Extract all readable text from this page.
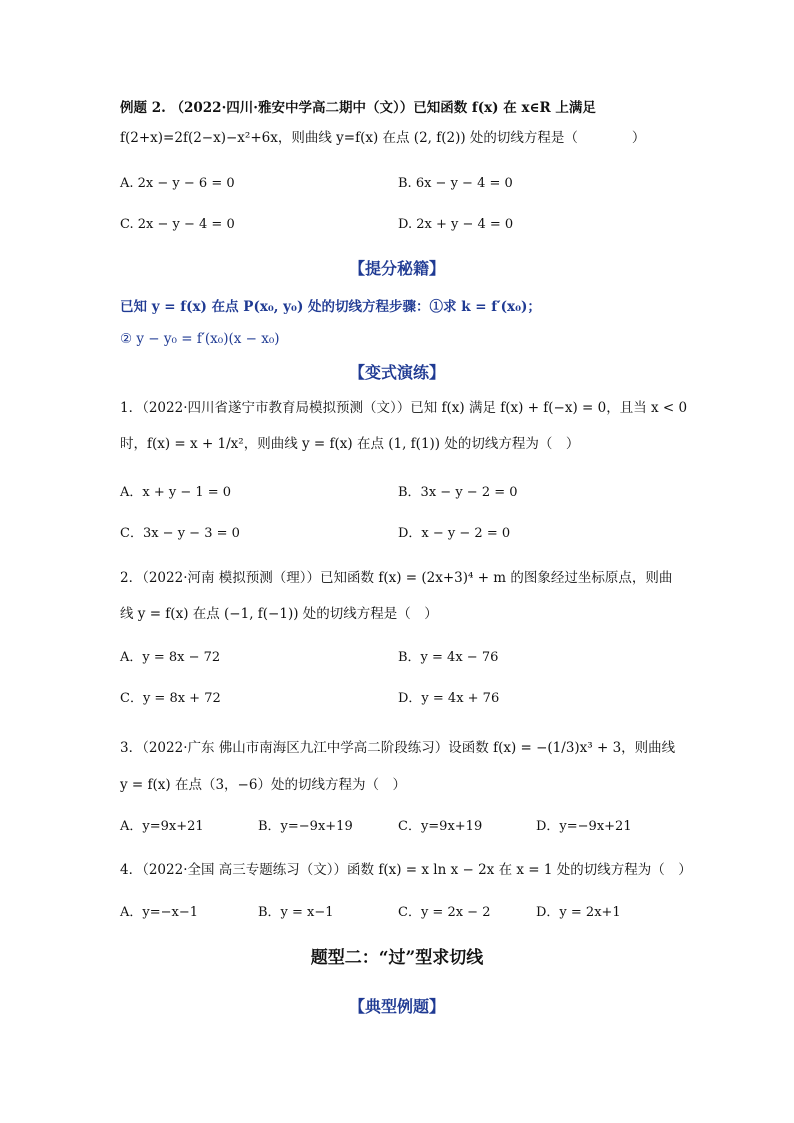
例题 2. （2022·四川·雅安中学高二期中（文））已知函数 f(x) 在 x∈R 上满足
f(2+x)=2f(2−x)−x²+6x，则曲线 y=f(x) 在点 (2, f(2)) 处的切线方程是（　　　　）
A. 2x − y − 6 = 0	B. 6x − y − 4 = 0
C. 2x − y − 4 = 0	D. 2x + y − 4 = 0
【提分秘籍】
已知 y = f(x) 在点 P(x₀, y₀) 处的切线方程步骤：①求 k = f′(x₀)；
② y − y₀ = f′(x₀)(x − x₀)
【变式演练】
1．（2022·四川省遂宁市教育局模拟预测（文））已知 f(x) 满足 f(x) + f(−x) = 0，且当 x < 0
时，f(x) = x + 1/x²，则曲线 y = f(x) 在点 (1, f(1)) 处的切线方程为（　）
A．x + y − 1 = 0	B．3x − y − 2 = 0
C．3x − y − 3 = 0	D．x − y − 2 = 0
2．（2022·河南 模拟预测（理））已知函数 f(x) = (2x+3)⁴ + m 的图象经过坐标原点，则曲
线 y = f(x) 在点 (−1, f(−1)) 处的切线方程是（　）
A．y = 8x − 72	B．y = 4x − 76
C．y = 8x + 72	D．y = 4x + 76
3．（2022·广东 佛山市南海区九江中学高二阶段练习）设函数 f(x) = −(1/3)x³ + 3，则曲线
y = f(x) 在点（3，−6）处的切线方程为（　）
A．y=9x+21	B．y=−9x+19	C．y=9x+19	D．y=−9x+21
4．（2022·全国 高三专题练习（文））函数 f(x) = x ln x − 2x 在 x = 1 处的切线方程为（　）
A．y=−x−1	B．y = x−1	C．y = 2x − 2	D．y = 2x+1
题型二：“过”型求切线
【典型例题】
